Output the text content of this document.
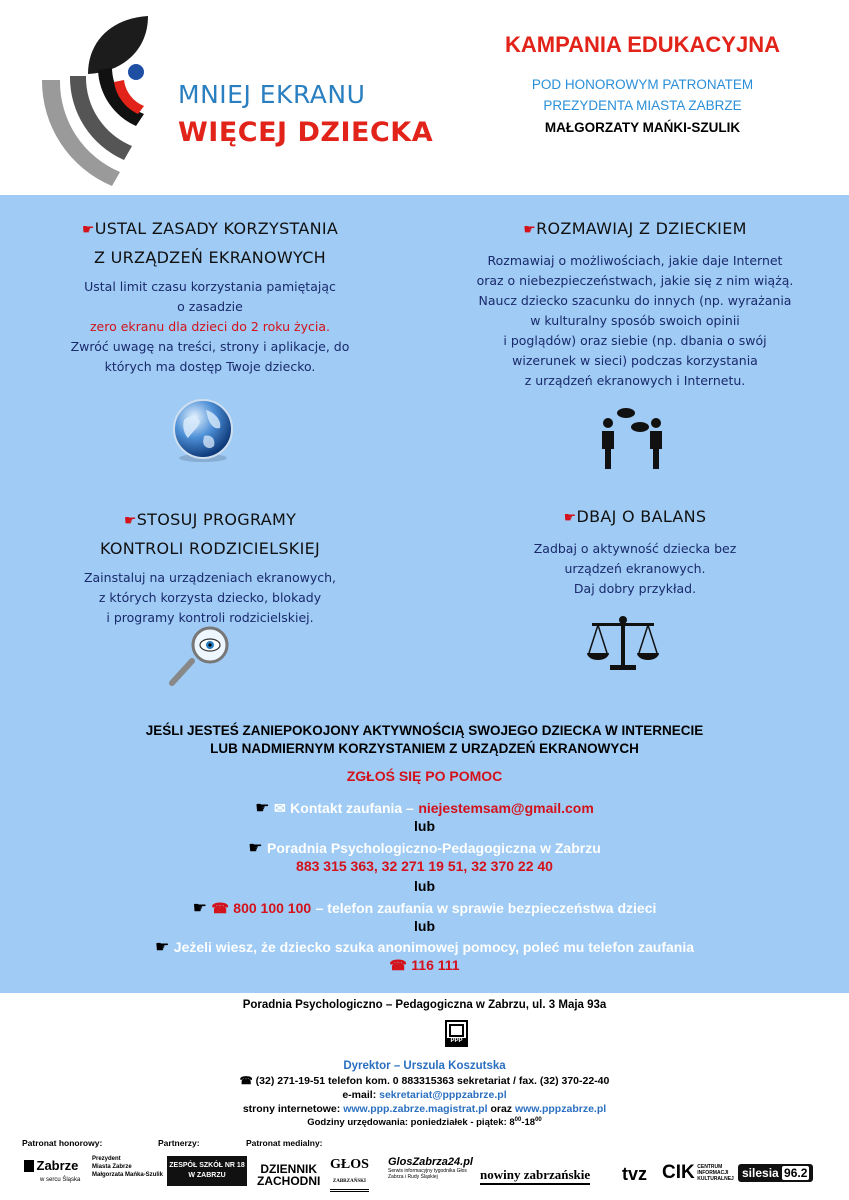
MNIEJ EKRANU
WIĘCEJ DZIECKA
KAMPANIA EDUKACYJNA
POD HONOROWYM PATRONATEM
PREZYDENTA MIASTA ZABRZE
MAŁGORZATY MAŃKI-SZULIK
☛USTAL ZASADY KORZYSTANIA
Z URZĄDZEŃ EKRANOWYCH
Ustal limit czasu korzystania pamiętając
o zasadzie
zero ekranu dla dzieci do 2 roku życia.
Zwróć uwagę na treści, strony i aplikacje, do
których ma dostęp Twoje dziecko.
☛ROZMAWIAJ Z DZIECKIEM
Rozmawiaj o możliwościach, jakie daje Internet
oraz o niebezpieczeństwach, jakie się z nim wiążą.
Naucz dziecko szacunku do innych (np. wyrażania
w kulturalny sposób swoich opinii
i poglądów) oraz siebie (np. dbania o swój
wizerunek w sieci) podczas korzystania
z urządzeń ekranowych i Internetu.
☛STOSUJ PROGRAMY
KONTROLI RODZICIELSKIEJ
Zainstaluj na urządzeniach ekranowych,
z których korzysta dziecko, blokady
i programy kontroli rodzicielskiej.
☛DBAJ O BALANS
Zadbaj o aktywność dziecka bez
urządzeń ekranowych.
Daj dobry przykład.
JEŚLI JESTEŚ ZANIEPOKOJONY AKTYWNOŚCIĄ SWOJEGO DZIECKA W INTERNECIE
LUB NADMIERNYM KORZYSTANIEM Z URZĄDZEŃ EKRANOWYCH
ZGŁOŚ SIĘ PO POMOC
☛ ✉ Kontakt zaufania – niejestemsam@gmail.com
lub
☛ Poradnia Psychologiczno-Pedagogiczna w Zabrzu
883 315 363, 32 271 19 51, 32 370 22 40
lub
☛ ☎ 800 100 100 – telefon zaufania w sprawie bezpieczeństwa dzieci
lub
☛ Jeżeli wiesz, że dziecko szuka anonimowej pomocy, poleć mu telefon zaufania
☎ 116 111
Poradnia Psychologiczno – Pedagogiczna w Zabrzu, ul. 3 Maja 93a
PPP
Dyrektor – Urszula Koszutska
☎ (32) 271-19-51 telefon kom. 0 883315363 sekretariat / fax. (32) 370-22-40
e-mail: sekretariat@pppzabrze.pl
strony internetowe: www.ppp.zabrze.magistrat.pl oraz www.pppzabrze.pl
Godziny urzędowania: poniedziałek - piątek: $8^{00}-18^{00}$
Patronat honorowy:	Partnerzy:	Patronat medialny:
Zabrze
w sercu Śląska
Prezydent
Miasta Zabrze
Małgorzata Mańka-Szulik
ZESPÓŁ SZKÓŁ NR 18
W ZABRZU	DZIENNIK
ZACHODNI
GŁOS
ZABRZAŃSKI
GlosZabrza24.pl
Serwis informacyjny tygodnika Głos Zabrza i Rudy Śląskiej	nowiny zabrzańskie tvz CIK CENTRUM INFORMACJI KULTURALNEJ silesia 96.2
